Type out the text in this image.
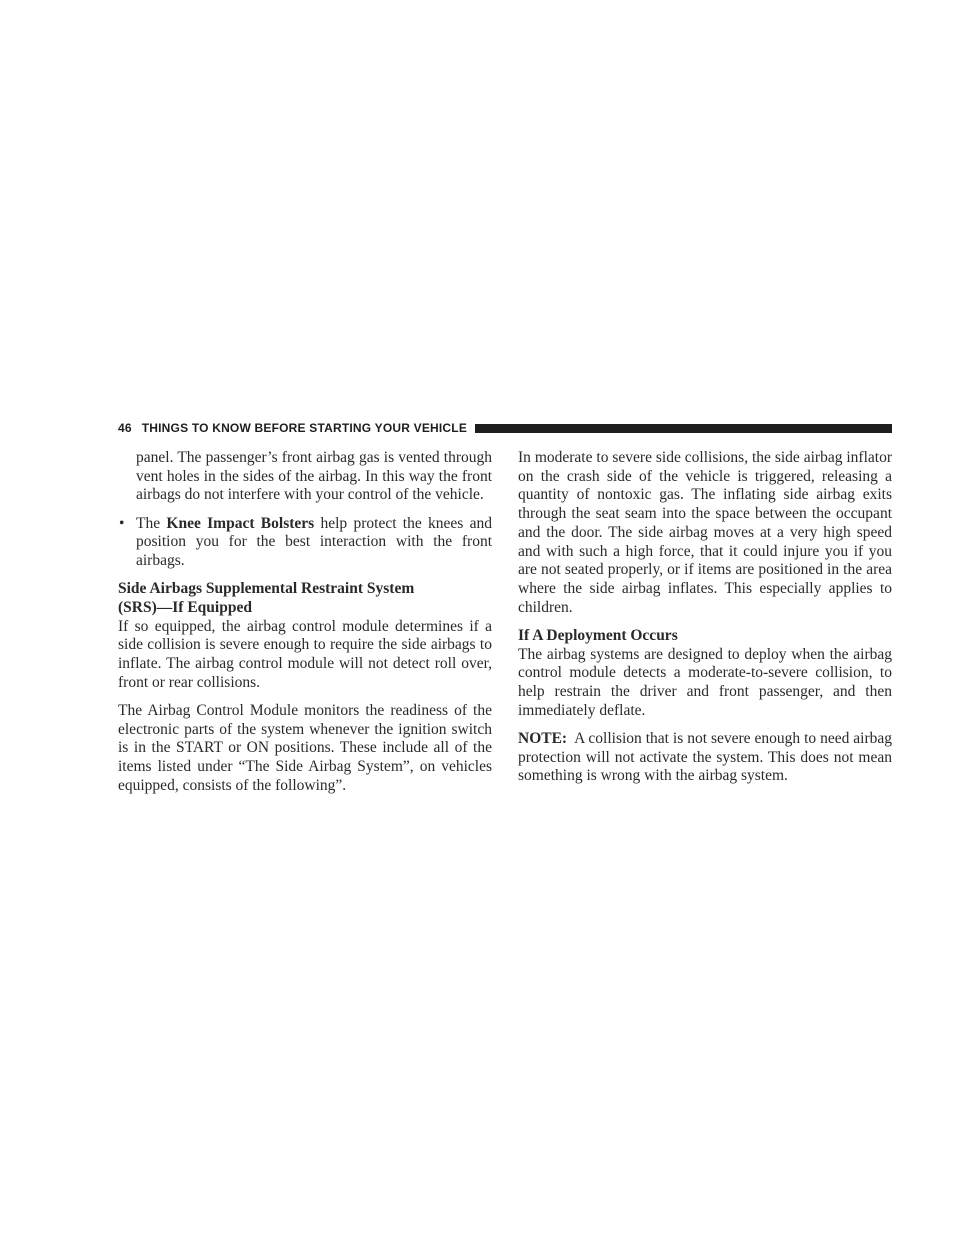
46 THINGS TO KNOW BEFORE STARTING YOUR VEHICLE

panel. The passenger’s front airbag gas is vented through vent holes in the sides of the airbag. In this way the front airbags do not interfere with your control of the vehicle.

• The Knee Impact Bolsters help protect the knees and position you for the best interaction with the front airbags.
Side Airbags Supplemental Restraint System
(SRS)—If Equipped

If so equipped, the airbag control module determines if a side collision is severe enough to require the side airbags to inflate. The airbag control module will not detect roll over, front or rear collisions.

The Airbag Control Module monitors the readiness of the electronic parts of the system whenever the ignition switch is in the START or ON positions. These include all of the items listed under “The Side Airbag System”, on vehicles equipped, consists of the following”.

In moderate to severe side collisions, the side airbag inflator on the crash side of the vehicle is triggered, releasing a quantity of nontoxic gas. The inflating side airbag exits through the seat seam into the space between the occupant and the door. The side airbag moves at a very high speed and with such a high force, that it could injure you if you are not seated properly, or if items are positioned in the area where the side airbag inflates. This especially applies to children.

If A Deployment Occurs

The airbag systems are designed to deploy when the airbag control module detects a moderate-to-severe collision, to help restrain the driver and front passenger, and then immediately deflate.

NOTE:  A collision that is not severe enough to need airbag protection will not activate the system. This does not mean something is wrong with the airbag system.
